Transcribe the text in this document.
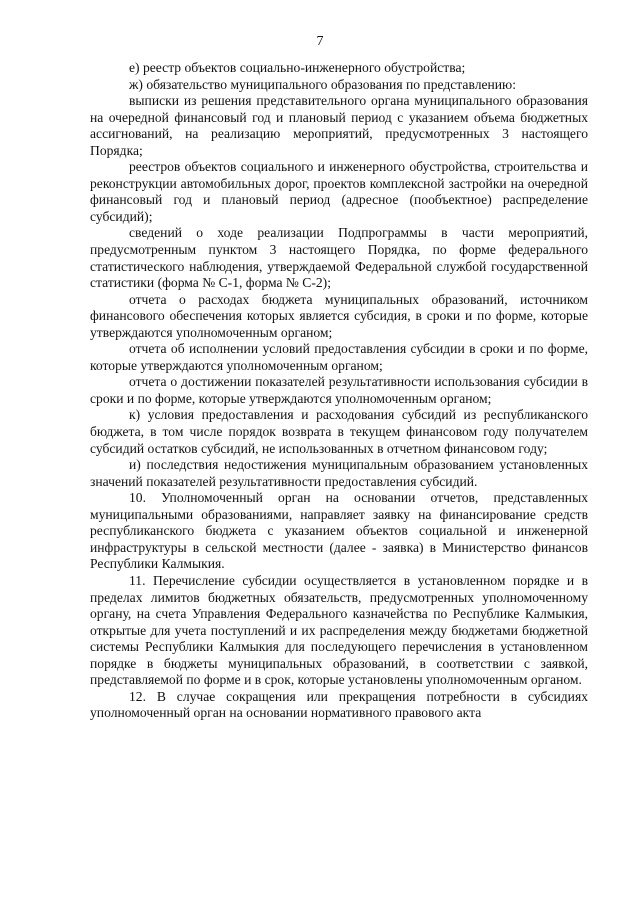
7

е) реестр объектов социально-инженерного обустройства;

ж) обязательство муниципального образования по представлению:

выписки из решения представительного органа муниципального образования на очередной финансовый год и плановый период с указанием объема бюджетных ассигнований, на реализацию мероприятий, предусмотренных 3 настоящего Порядка;

реестров объектов социального и инженерного обустройства, строительства и реконструкции автомобильных дорог, проектов комплексной застройки на очередной финансовый год и плановый период (адресное (пообъектное) распределение субсидий);

сведений о ходе реализации Подпрограммы в части мероприятий, предусмотренным пунктом 3 настоящего Порядка, по форме федерального статистического наблюдения, утверждаемой Федеральной службой государственной статистики (форма № С-1, форма № С-2);

отчета о расходах бюджета муниципальных образований, источником финансового обеспечения которых является субсидия, в сроки и по форме, которые утверждаются уполномоченным органом;

отчета об исполнении условий предоставления субсидии в сроки и по форме, которые утверждаются уполномоченным органом;

отчета о достижении показателей результативности использования субсидии в сроки и по форме, которые утверждаются уполномоченным органом;

к) условия предоставления и расходования субсидий из республиканского бюджета, в том числе порядок возврата в текущем финансовом году получателем субсидий остатков субсидий, не использованных в отчетном финансовом году;

и) последствия недостижения муниципальным образованием установленных значений показателей результативности предоставления субсидий.

10. Уполномоченный орган на основании отчетов, представленных муниципальными образованиями, направляет заявку на финансирование средств республиканского бюджета с указанием объектов социальной и инженерной инфраструктуры в сельской местности (далее - заявка) в Министерство финансов Республики Калмыкия.

11. Перечисление субсидии осуществляется в установленном порядке и в пределах лимитов бюджетных обязательств, предусмотренных уполномоченному органу, на счета Управления Федерального казначейства по Республике Калмыкия, открытые для учета поступлений и их распределения между бюджетами бюджетной системы Республики Калмыкия для последующего перечисления в установленном порядке в бюджеты муниципальных образований, в соответствии с заявкой, представляемой по форме и в срок, которые установлены уполномоченным органом.

12. В случае сокращения или прекращения потребности в субсидиях уполномоченный орган на основании нормативного правового акта
